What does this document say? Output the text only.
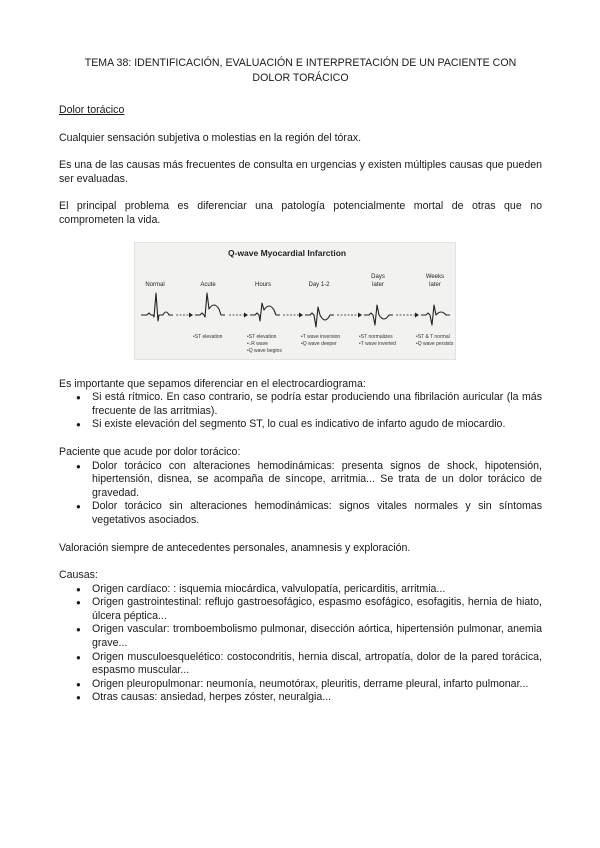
TEMA 38: IDENTIFICACIÓN, EVALUACIÓN E INTERPRETACIÓN DE UN PACIENTE CON
DOLOR TORÁCICO
Dolor torácico

Cualquier sensación subjetiva o molestias en la región del tórax.

Es una de las causas más frecuentes de consulta en urgencias y existen múltiples causas que pueden ser evaluadas.

El principal problema es diferenciar una patología potencialmente mortal de otras que no comprometen la vida.

Q-wave Myocardial Infarction
Normal	Acute	Hours	Day 1-2
Days
later
Weeks
later
•ST elevation	•ST elevation
•↓R wave
•Q wave begins
•T wave inversion
•Q wave deeper
•ST normalizes
•T wave inverted
•ST & T normal
•Q wave persists

Es importante que sepamos diferenciar en el electrocardiograma:

● Si está rítmico. En caso contrario, se podría estar produciendo una fibrilación auricular (la más frecuente de las arritmias).
● Si existe elevación del segmento ST, lo cual es indicativo de infarto agudo de miocardio.

Paciente que acude por dolor torácico:

● Dolor torácico con alteraciones hemodinámicas: presenta signos de shock, hipotensión, hipertensión, disnea, se acompaña de síncope, arritmia... Se trata de un dolor torácico de gravedad.
● Dolor torácico sin alteraciones hemodinámicas: signos vitales normales y sin síntomas vegetativos asociados.

Valoración siempre de antecedentes personales, anamnesis y exploración.

Causas:

● Origen cardíaco: : isquemia miocárdica, valvulopatía, pericarditis, arritmia...
● Origen gastrointestinal: reflujo gastroesofágico, espasmo esofágico, esofagitis, hernia de hiato, úlcera péptica...
● Origen vascular: tromboembolismo pulmonar, disección aórtica, hipertensión pulmonar, anemia grave...
● Origen musculoesquelético: costocondritis, hernia discal, artropatía, dolor de la pared torácica, espasmo muscular...
● Origen pleuropulmonar: neumonía, neumotórax, pleuritis, derrame pleural, infarto pulmonar...
● Otras causas: ansiedad, herpes zóster, neuralgia...
